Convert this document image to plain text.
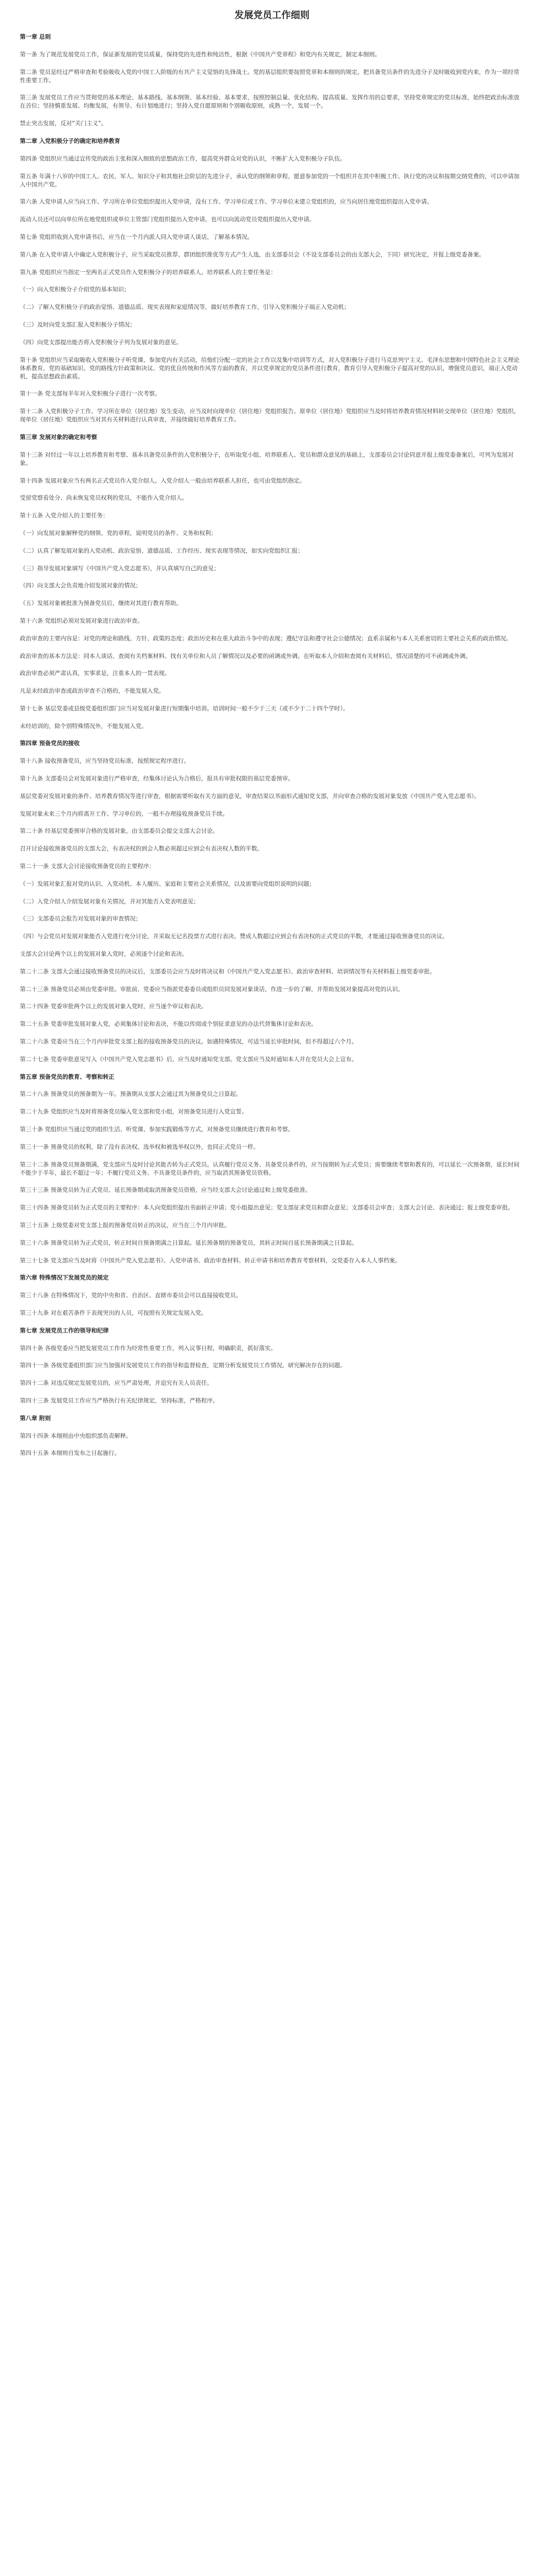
发展党员工作细则
第一章 总则
第一条 为了规范发展党员工作，保证新发展的党员质量，保持党的先进性和纯洁性，根据《中国共产党章程》和党内有关规定，制定本细则。
第二条 党员是经过严格审查和考验吸收入党的中国工人阶级的有共产主义觉悟的先锋战士。党的基层组织要按照党章和本细则的规定，把具备党员条件的先进分子及时吸收到党内来，作为一项经常性重要工作。
第三条 发展党员工作应当贯彻党的基本理论、基本路线、基本纲领、基本经验、基本要求，按照控制总量、优化结构、提高质量、发挥作用的总要求，坚持党章规定的党员标准，始终把政治标准放在首位；坚持慎重发展、均衡发展，有领导、有计划地进行；坚持入党自愿原则和个别吸收原则，成熟一个，发展一个。
禁止突击发展，反对“关门主义”。
第二章 入党积极分子的确定和培养教育
第四条 党组织应当通过宣传党的政治主张和深入细致的思想政治工作，提高党外群众对党的认识，不断扩大入党积极分子队伍。
第五条 年满十八岁的中国工人、农民、军人、知识分子和其他社会阶层的先进分子，承认党的纲领和章程，愿意参加党的一个组织并在其中积极工作、执行党的决议和按期交纳党费的，可以申请加入中国共产党。
第六条 入党申请人应当向工作、学习所在单位党组织提出入党申请，没有工作、学习单位或工作、学习单位未建立党组织的，应当向居住地党组织提出入党申请。
流动人员还可以向单位所在地党组织或单位主管部门党组织提出入党申请，也可以向流动党员党组织提出入党申请。
第七条 党组织收到入党申请书后，应当在一个月内派人同入党申请人谈话，了解基本情况。
第八条 在入党申请人中确定入党积极分子，应当采取党员推荐、群团组织推优等方式产生人选，由支部委员会（不设支部委员会的由支部大会，下同）研究决定，并报上级党委备案。
第九条 党组织应当指定一至两名正式党员作入党积极分子的培养联系人。培养联系人的主要任务是：
（一）向入党积极分子介绍党的基本知识；
（二）了解入党积极分子的政治觉悟、道德品质、现实表现和家庭情况等，做好培养教育工作，引导入党积极分子端正入党动机；
（三）及时向党支部汇报入党积极分子情况；
（四）向党支部提出能否将入党积极分子列为发展对象的意见。
第十条 党组织应当采取吸收入党积极分子听党课、参加党内有关活动，给他们分配一定的社会工作以及集中培训等方式，对入党积极分子进行马克思列宁主义、毛泽东思想和中国特色社会主义理论体系教育，党的基础知识、党的路线方针政策和决议、党的优良传统和作风等方面的教育，并以党章规定的党员条件进行教育，教育引导入党积极分子提高对党的认识，增强党员意识，端正入党动机，提高思想政治素质。
第十一条 党支部每半年对入党积极分子进行一次考察。
第十二条 入党积极分子工作、学习所在单位（居住地）发生变动，应当及时向现单位（居住地）党组织报告。原单位（居住地）党组织应当及时将培养教育情况材料转交现单位（居住地）党组织。现单位（居住地）党组织应当对其有关材料进行认真审查，并接续做好培养教育工作。
第三章 发展对象的确定和考察
第十三条 对经过一年以上培养教育和考察、基本具备党员条件的入党积极分子，在听取党小组、培养联系人、党员和群众意见的基础上，支部委员会讨论同意并报上级党委备案后，可列为发展对象。
第十四条 发展对象应当有两名正式党员作入党介绍人。入党介绍人一般由培养联系人担任，也可由党组织指定。
受留党察看处分、尚未恢复党员权利的党员，不能作入党介绍人。
第十五条 入党介绍人的主要任务：
（一）向发展对象解释党的纲领、党的章程，说明党员的条件、义务和权利；
（二）认真了解发展对象的入党动机、政治觉悟、道德品质、工作经历、现实表现等情况，如实向党组织汇报；
（三）指导发展对象填写《中国共产党入党志愿书》，并认真填写自己的意见；
（四）向支部大会负责地介绍发展对象的情况；
（五）发展对象被批准为预备党员后，继续对其进行教育帮助。
第十六条 党组织必须对发展对象进行政治审查。
政治审查的主要内容是：对党的理论和路线、方针、政策的态度；政治历史和在重大政治斗争中的表现；遵纪守法和遵守社会公德情况；直系亲属和与本人关系密切的主要社会关系的政治情况。
政治审查的基本方法是：同本人谈话、查阅有关档案材料、找有关单位和人员了解情况以及必要的函调或外调。在听取本人介绍和查阅有关材料后，情况清楚的可不函调或外调。
政治审查必须严肃认真，实事求是，注重本人的一贯表现。
凡是未经政治审查或政治审查不合格的，不能发展入党。
第十七条 基层党委或县级党委组织部门应当对发展对象进行短期集中培训。培训时间一般不少于三天（或不少于二十四个学时）。
未经培训的，除个别特殊情况外，不能发展入党。
第四章 预备党员的接收
第十八条 接收预备党员，应当坚持党员标准，按照规定程序进行。
第十九条 支部委员会对发展对象进行严格审查，经集体讨论认为合格后，报具有审批权限的基层党委预审。
基层党委对发展对象的条件、培养教育情况等进行审查，根据需要听取有关方面的意见，审查结果以书面形式通知党支部，并向审查合格的发展对象发放《中国共产党入党志愿书》。
发展对象未来三个月内将离开工作、学习单位的，一般不办理接收预备党员手续。
第二十条 经基层党委预审合格的发展对象，由支部委员会提交支部大会讨论。
召开讨论接收预备党员的支部大会，有表决权的到会人数必须超过应到会有表决权人数的半数。
第二十一条 支部大会讨论接收预备党员的主要程序：
（一）发展对象汇报对党的认识、入党动机、本人履历、家庭和主要社会关系情况，以及需要向党组织说明的问题；
（二）入党介绍人介绍发展对象有关情况，并对其能否入党表明意见；
（三）支部委员会报告对发展对象的审查情况；
（四）与会党员对发展对象能否入党进行充分讨论，并采取无记名投票方式进行表决。赞成人数超过应到会有表决权的正式党员的半数，才能通过接收预备党员的决议。
支部大会讨论两个以上的发展对象入党时，必须逐个讨论和表决。
第二十二条 支部大会通过接收预备党员的决议后，支部委员会应当及时将决议和《中国共产党入党志愿书》、政治审查材料、培训情况等有关材料报上级党委审批。
第二十三条 预备党员必须由党委审批。审批前，党委应当指派党委委员或组织员同发展对象谈话，作进一步的了解，并帮助发展对象提高对党的认识。
第二十四条 党委审批两个以上的发展对象入党时，应当逐个审议和表决。
第二十五条 党委审批发展对象入党，必须集体讨论和表决，不能以传阅或个别征求意见的办法代替集体讨论和表决。
第二十六条 党委应当在三个月内审批党支部上报的接收预备党员的决议。如遇特殊情况，可适当延长审批时间，但不得超过六个月。
第二十七条 党委审批意见写入《中国共产党入党志愿书》后，应当及时通知党支部。党支部应当及时通知本人并在党员大会上宣布。
第五章 预备党员的教育、考察和转正
第二十八条 预备党员的预备期为一年。预备期从支部大会通过其为预备党员之日算起。
第二十九条 党组织应当及时将预备党员编入党支部和党小组，对预备党员进行入党宣誓。
第三十条 党组织应当通过党的组织生活、听党课、参加实践锻炼等方式，对预备党员继续进行教育和考察。
第三十一条 预备党员的权利，除了没有表决权、选举权和被选举权以外，也同正式党员一样。
第三十二条 预备党员预备期满，党支部应当及时讨论其能否转为正式党员。认真履行党员义务、具备党员条件的，应当按期转为正式党员；需要继续考察和教育的，可以延长一次预备期，延长时间不能少于半年，最长不超过一年；不履行党员义务、不具备党员条件的，应当取消其预备党员资格。
第三十三条 预备党员转为正式党员、延长预备期或取消预备党员资格，应当经支部大会讨论通过和上级党委批准。
第三十四条 预备党员转为正式党员的主要程序：本人向党组织提出书面转正申请；党小组提出意见；党支部征求党员和群众意见；支部委员会审查；支部大会讨论、表决通过；报上级党委审批。
第三十五条 上级党委对党支部上报的预备党员转正的决议，应当在三个月内审批。
第三十六条 预备党员转为正式党员，转正时间自预备期满之日算起。延长预备期的预备党员，其转正时间自延长预备期满之日算起。
第三十七条 党支部应当及时将《中国共产党入党志愿书》、入党申请书、政治审查材料、转正申请书和培养教育考察材料，交党委存入本人人事档案。
第六章 特殊情况下发展党员的规定
第三十八条 在特殊情况下，党的中央和省、自治区、直辖市委员会可以直接接收党员。
第三十九条 对在艰苦条件下表现突出的人员，可按照有关规定发展入党。
第七章 发展党员工作的领导和纪律
第四十条 各级党委应当把发展党员工作作为经常性重要工作，列入议事日程，明确职责，抓好落实。
第四十一条 各级党委组织部门应当加强对发展党员工作的指导和监督检查，定期分析发展党员工作情况，研究解决存在的问题。
第四十二条 对违反规定发展党员的，应当严肃处理，并追究有关人员责任。
第四十三条 发展党员工作应当严格执行有关纪律规定，坚持标准，严格程序。
第八章 附则
第四十四条 本细则由中央组织部负责解释。
第四十五条 本细则自发布之日起施行。
